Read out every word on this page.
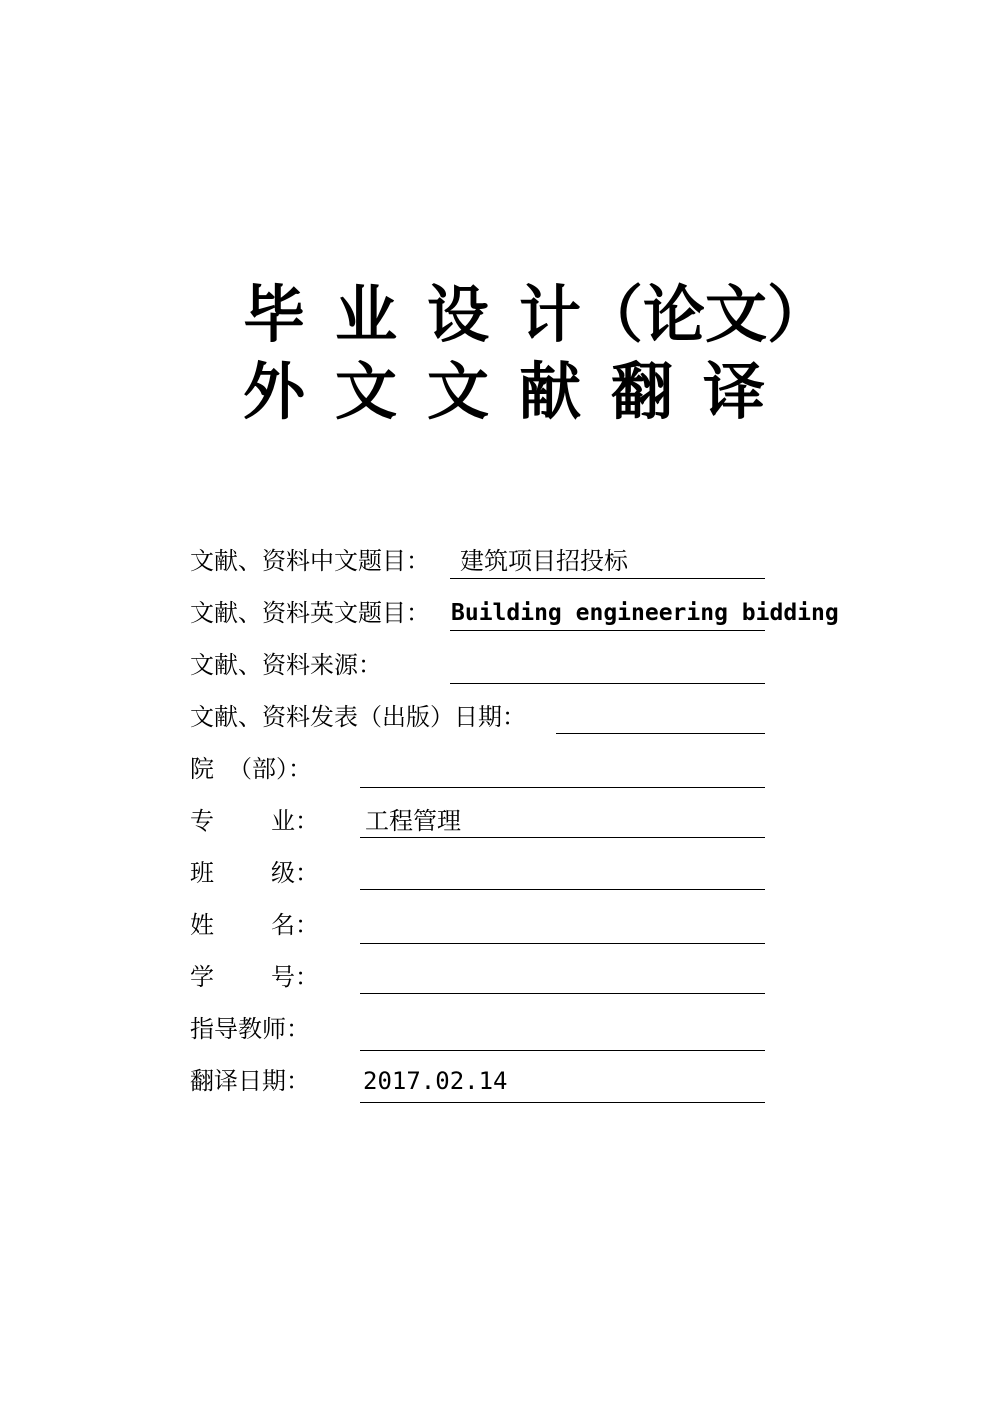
毕 业 设 计（论文）
外 文 文 献 翻 译
文献、资料中文题目： 建筑项目招投标
文献、资料英文题目： Building engineering bidding
文献、资料来源：
文献、资料发表（出版）日期：
院 （部）：
专 业： 工程管理
班 级：
姓 名：
学 号：
指导教师：
翻译日期： 2017.02.14
